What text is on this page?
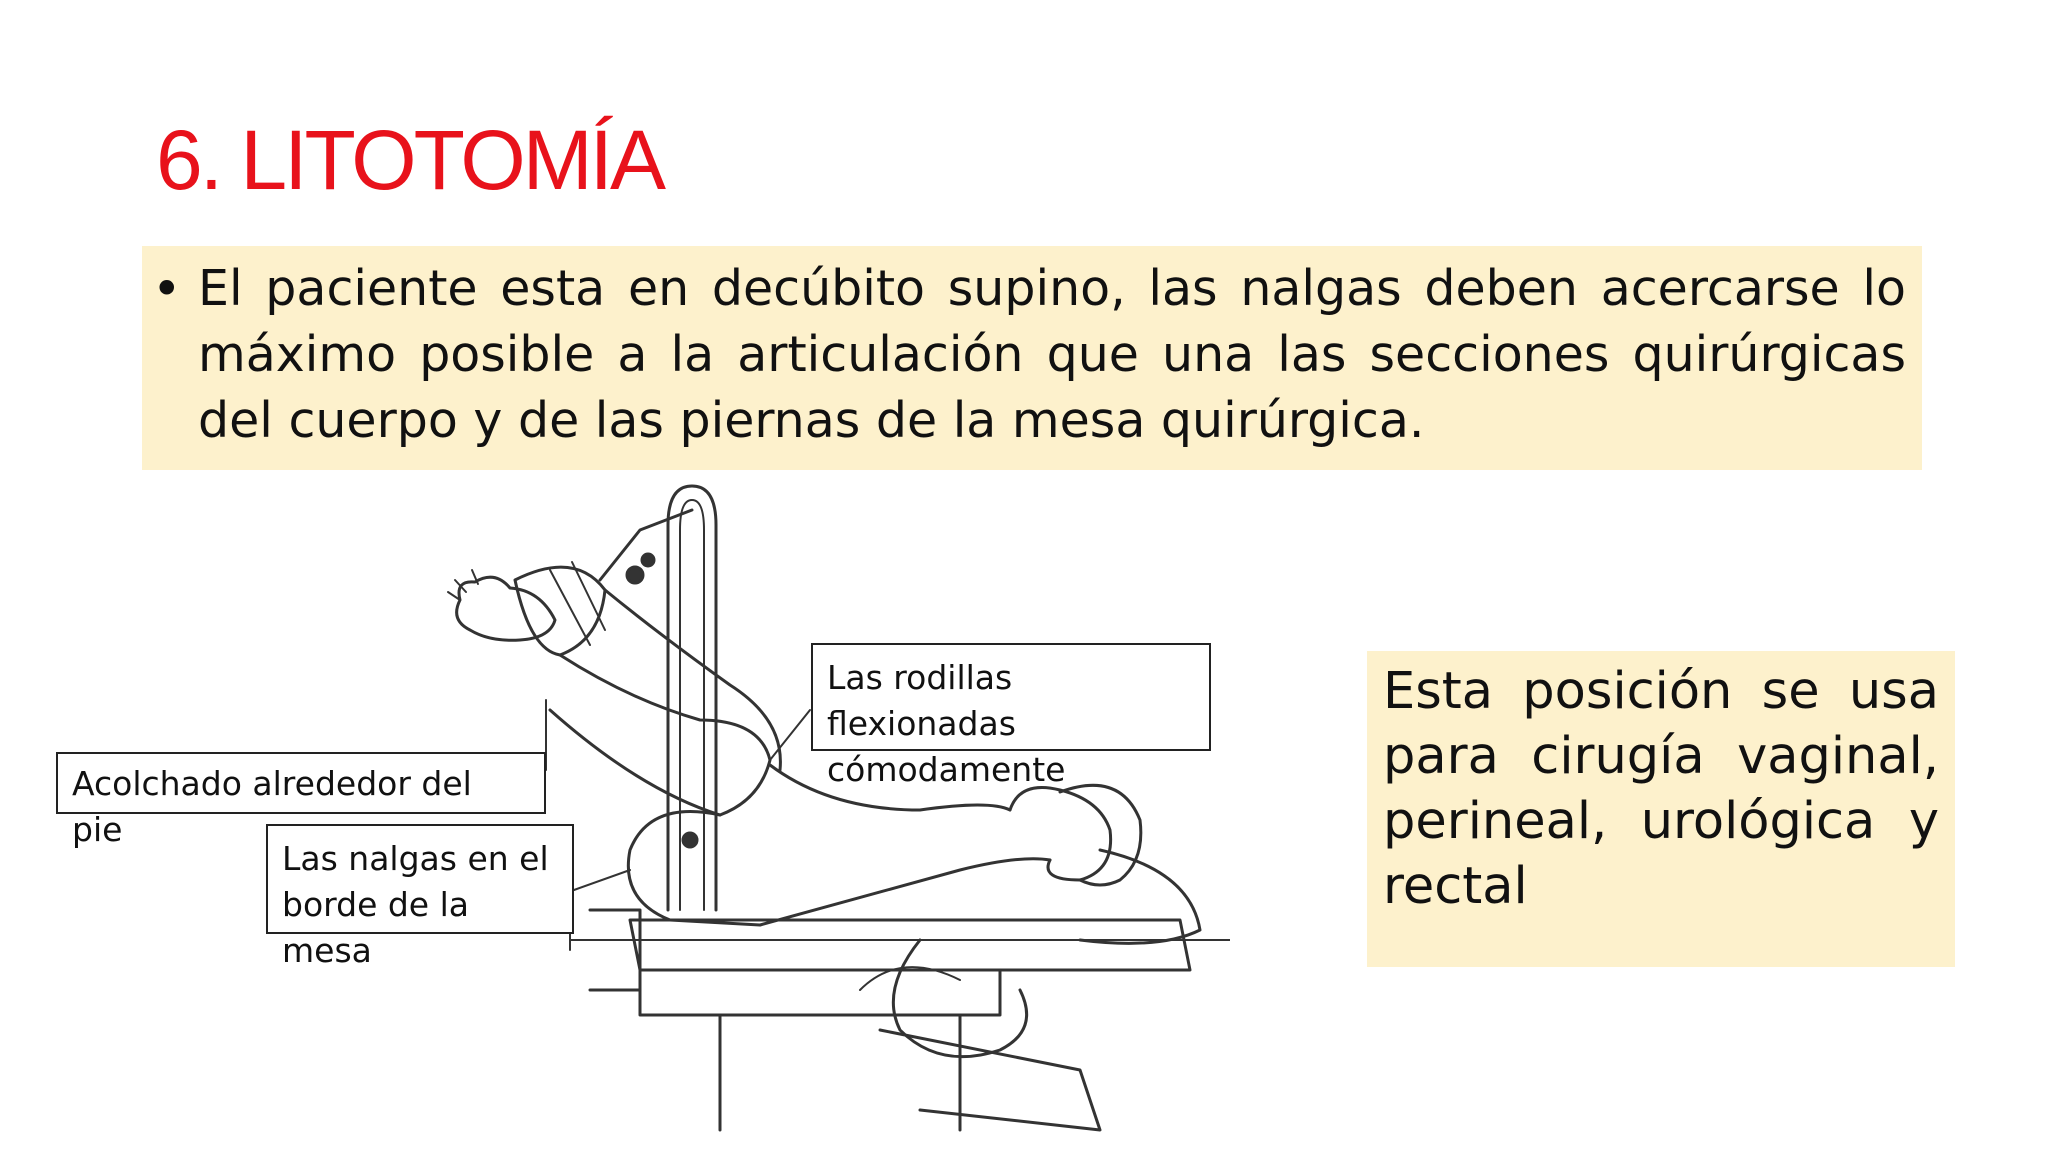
6. LITOTOMÍA
• El paciente esta en decúbito supino, las nalgas deben acercarse lo máximo posible a la articulación que una las secciones quirúrgicas del cuerpo y de las piernas de la mesa quirúrgica.

Las rodillas flexionadas cómodamente
Acolchado alrededor del pie
Las nalgas en el borde de la mesa

Esta posición se usa para cirugía vaginal, perineal, urológica y rectal
